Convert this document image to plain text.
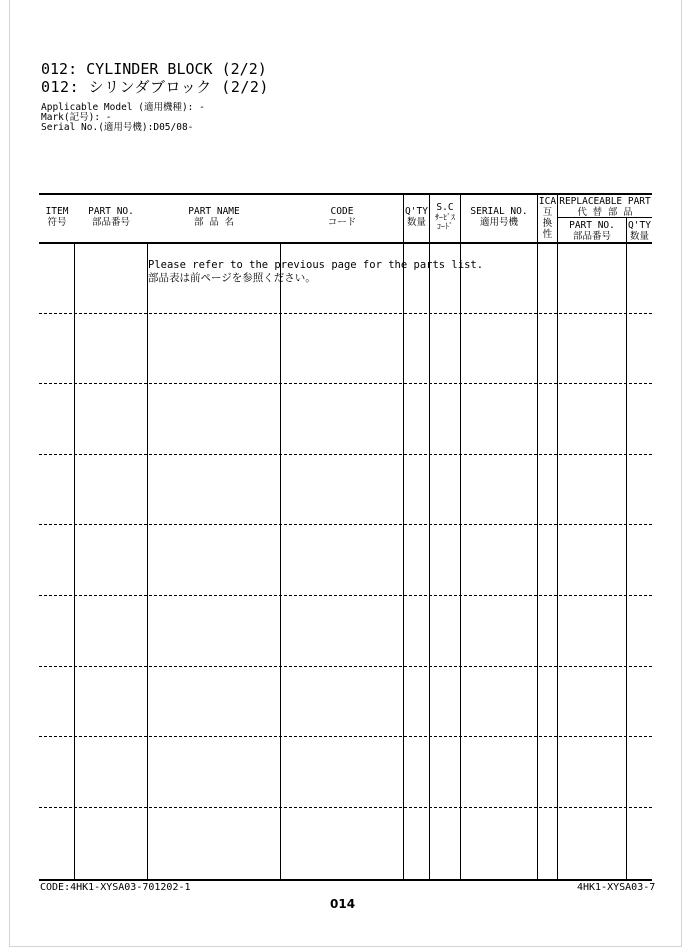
012: CYLINDER BLOCK (2/2)
012: シリンダブロック (2/2)
Applicable Model (適用機種): -
Mark(記号): -
Serial No.(適用号機):D05/08-
ITEM
符号
PART NO.
部品番号
PART NAME
部 品 名
CODE
コード
Q'TY
数量
S.C
ｻｰﾋﾞｽ
ｺｰﾄﾞ
SERIAL NO.
適用号機
ICA
互
換
性
REPLACEABLE PART
代 替 部 品
PART NO.
部品番号
Q'TY
数量
Please refer to the previous page for the parts list.
部品表は前ページを参照ください。
CODE:4HK1-XYSA03-701202-1
014
4HK1-XYSA03-7
